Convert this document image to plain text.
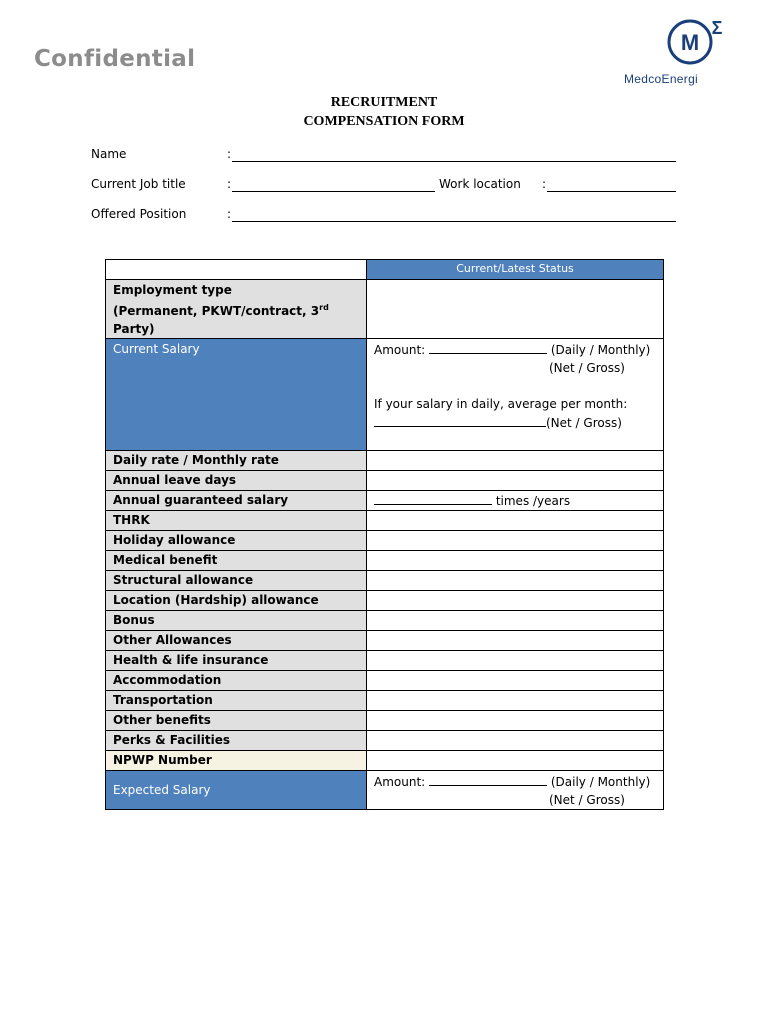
Confidential
M
Σ
MedcoEnergi
RECRUITMENT
COMPENSATION FORM
Name	:
Current Job title	:	Work location :
Offered Position	:
	Current/Latest Status

Employment type
(Permanent, PKWT/contract, 3rd Party)	

Current Salary	Amount: (Daily / Monthly)
(Net / Gross)
If your salary in daily, average per month:
(Net / Gross)

Daily rate / Monthly rate	
Annual leave days	
Annual guaranteed salary	times /years
THRK	
Holiday allowance	
Medical benefit	
Structural allowance	
Location (Hardship) allowance	
Bonus	
Other Allowances	
Health & life insurance	
Accommodation	
Transportation	
Other benefits	
Perks & Facilities	
NPWP Number	
Expected Salary	Amount: (Daily / Monthly)
(Net / Gross)
